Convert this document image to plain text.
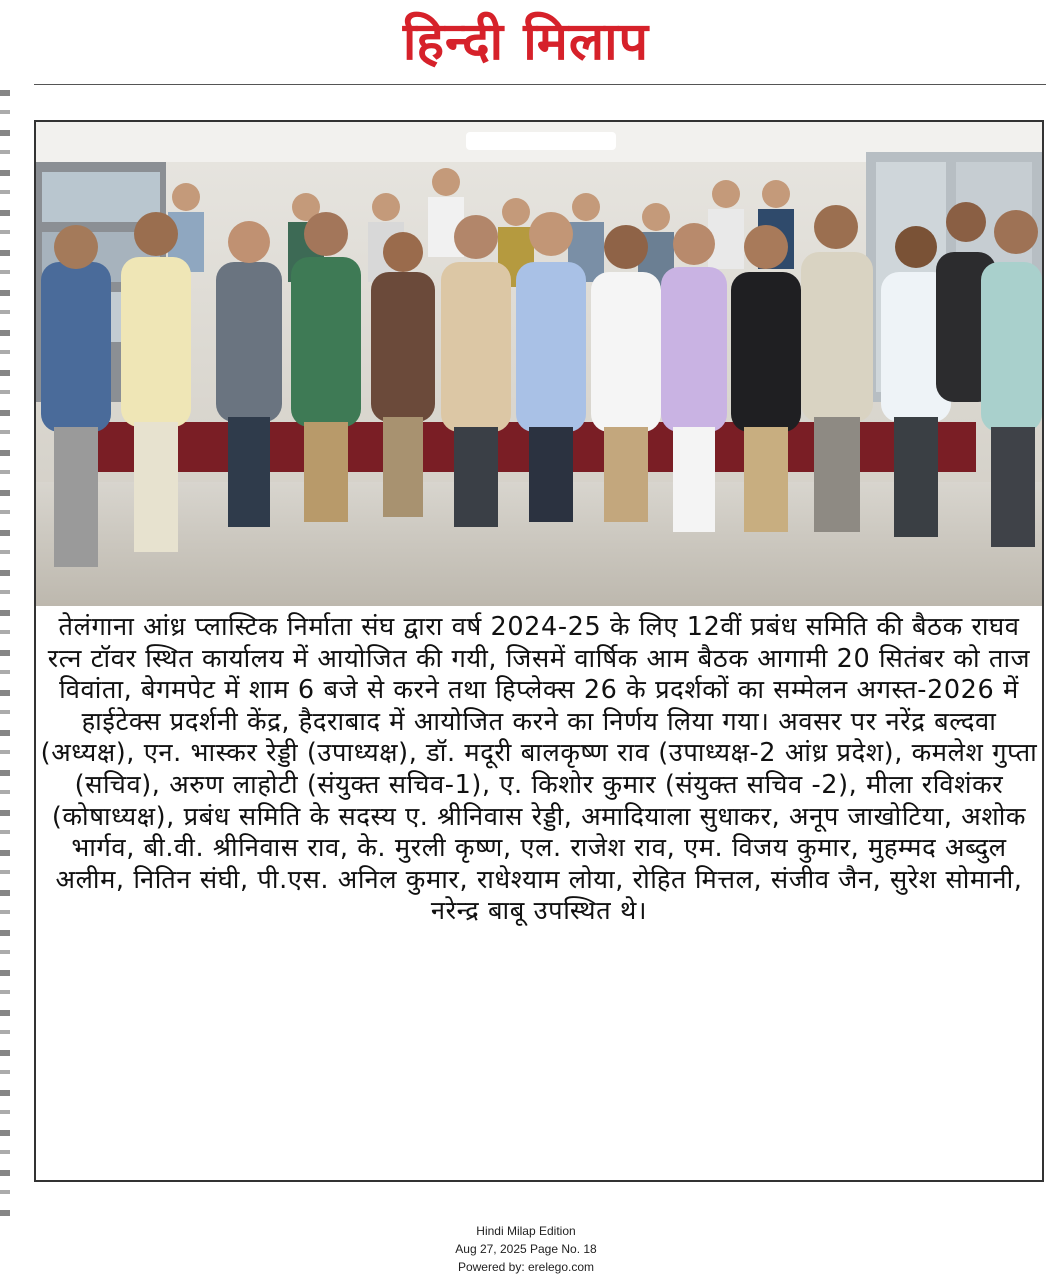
हिन्दी मिलाप
तेलंगाना आंध्र प्लास्टिक निर्माता संघ द्वारा वर्ष 2024-25 के लिए 12वीं प्रबंध समिति की बैठक राघव रत्न टॉवर स्थित कार्यालय में आयोजित की गयी, जिसमें वार्षिक आम बैठक आगामी 20 सितंबर को ताज विवांता, बेगमपेट में शाम 6 बजे से करने तथा हिप्लेक्स 26 के प्रदर्शकों का सम्मेलन अगस्त-2026 में हाईटेक्स प्रदर्शनी केंद्र, हैदराबाद में आयोजित करने का निर्णय लिया गया। अवसर पर नरेंद्र बल्दवा (अध्यक्ष), एन. भास्कर रेड्डी (उपाध्यक्ष), डॉ. मदूरी बालकृष्ण राव (उपाध्यक्ष-2 आंध्र प्रदेश), कमलेश गुप्ता (सचिव), अरुण लाहोटी (संयुक्त सचिव-1), ए. किशोर कुमार (संयुक्त सचिव -2), मीला रविशंकर (कोषाध्यक्ष), प्रबंध समिति के सदस्य ए. श्रीनिवास रेड्डी, अमादियाला सुधाकर, अनूप जाखोटिया, अशोक भार्गव, बी.वी. श्रीनिवास राव, के. मुरली कृष्ण, एल. राजेश राव, एम. विजय कुमार, मुहम्मद अब्दुल अलीम, नितिन संघी, पी.एस. अनिल कुमार, राधेश्याम लोया, रोहित मित्तल, संजीव जैन, सुरेश सोमानी, नरेन्द्र बाबू उपस्थित थे।
Hindi Milap Edition
Aug 27, 2025 Page No. 18
Powered by: erelego.com
